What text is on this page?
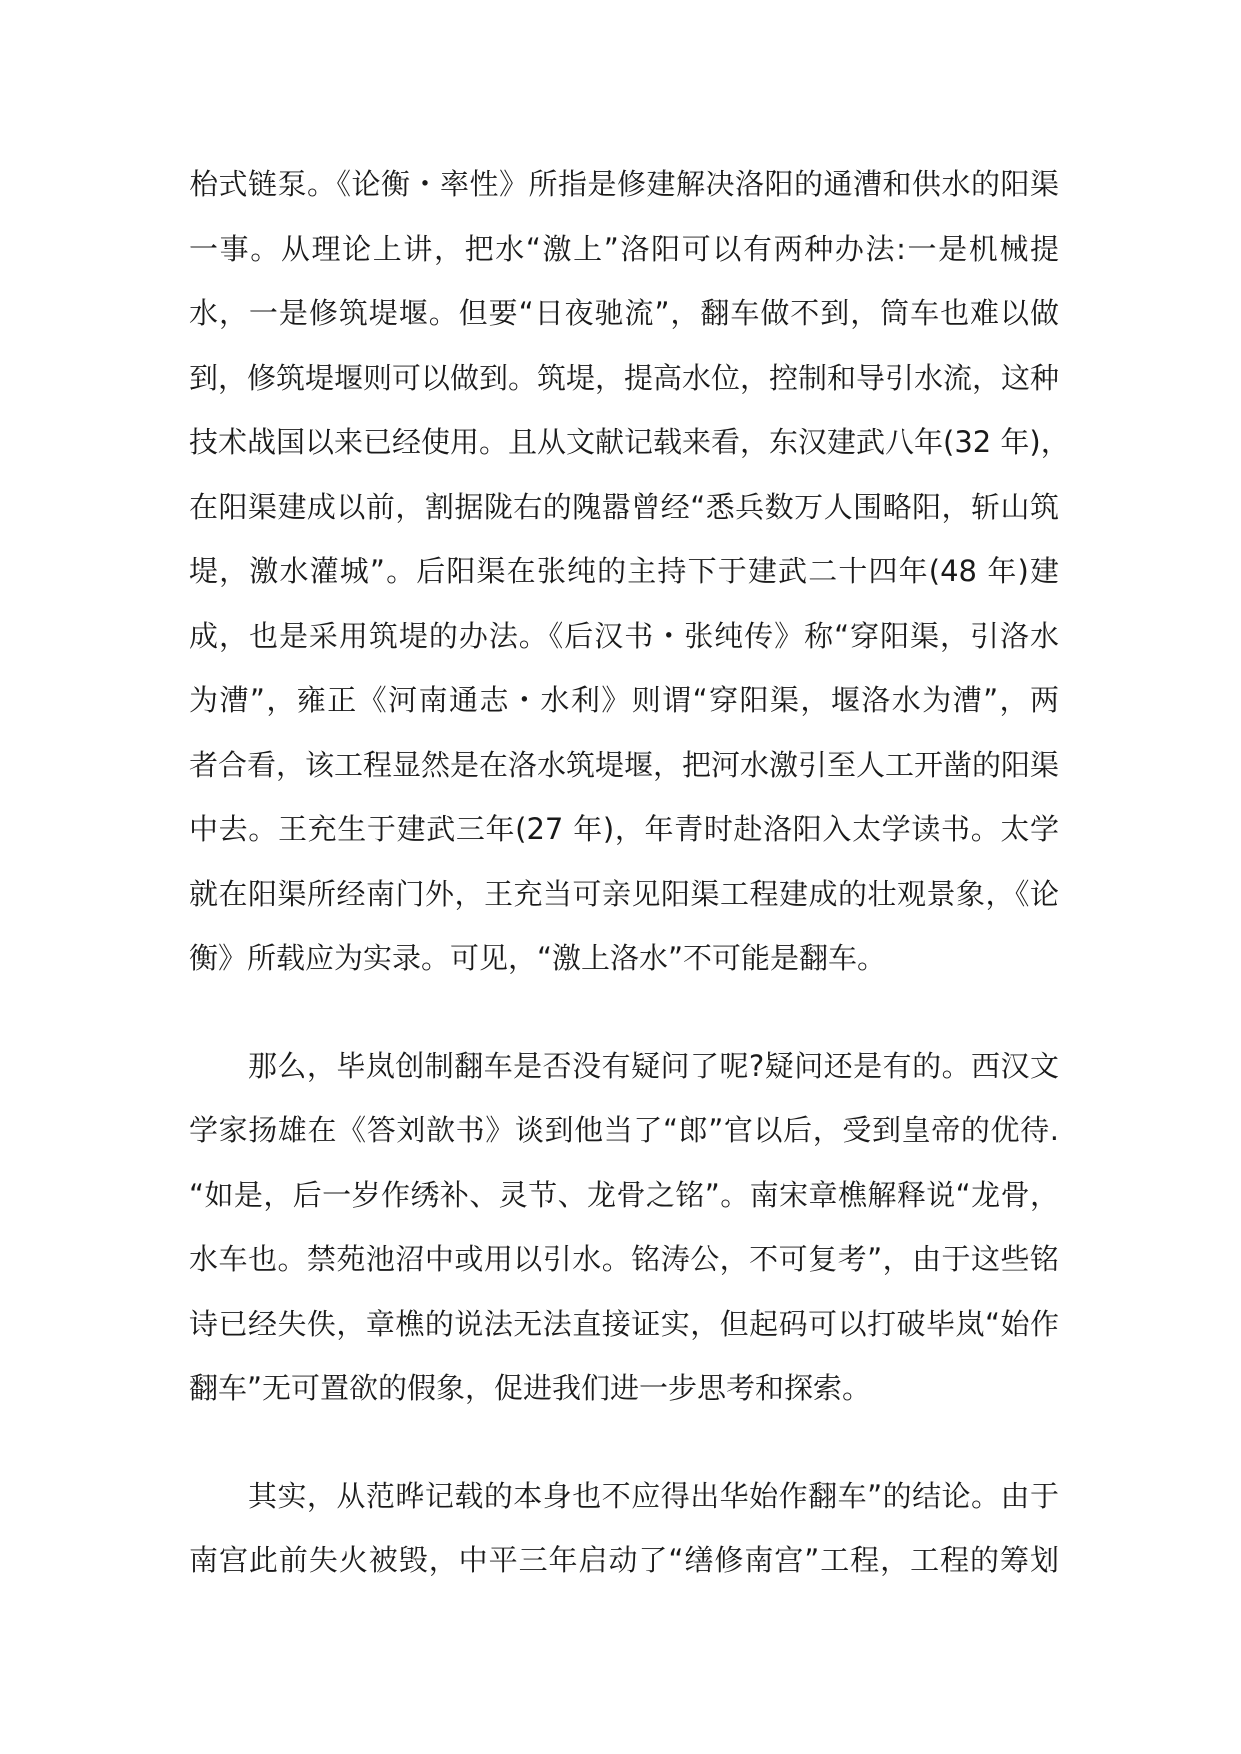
枱式链泵。《论衡・率性》所指是修建解决洛阳的通漕和供水的阳渠
一事。从理论上讲，把水“激上”洛阳可以有两种办法:一是机械提
水，一是修筑堤堰。但要“日夜驰流”，翻车做不到，筒车也难以做
到，修筑堤堰则可以做到。筑堤，提高水位，控制和导引水流，这种
技术战国以来已经使用。且从文献记载来看，东汉建武八年(32 年)，
在阳渠建成以前，割据陇右的隗嚣曾经“悉兵数万人围略阳，斩山筑
堤，激水灌城”。后阳渠在张纯的主持下于建武二十四年(48 年)建
成，也是采用筑堤的办法。《后汉书・张纯传》称“穿阳渠，引洛水
为漕”，雍正《河南通志・水利》则谓“穿阳渠，堰洛水为漕”，两
者合看，该工程显然是在洛水筑堤堰，把河水激引至人工开凿的阳渠
中去。王充生于建武三年(27 年)，年青时赴洛阳入太学读书。太学
就在阳渠所经南门外，王充当可亲见阳渠工程建成的壮观景象，《论
衡》所载应为实录。可见，“激上洛水”不可能是翻车。
　　那么，毕岚创制翻车是否没有疑问了呢?疑问还是有的。西汉文
学家扬雄在《答刘歆书》谈到他当了“郎”官以后，受到皇帝的优待.
“如是，后一岁作绣补、灵节、龙骨之铭”。南宋章樵解释说“龙骨，
水车也。禁苑池沼中或用以引水。铭涛公，不可复考”，由于这些铭
诗已经失佚，章樵的说法无法直接证实，但起码可以打破毕岚“始作
翻车”无可置欲的假象，促进我们进一步思考和探索。
　　其实，从范晔记载的本身也不应得出华始作翻车”的结论。由于
南宫此前失火被毁，中平三年启动了“缮修南宫”工程，工程的筹划
